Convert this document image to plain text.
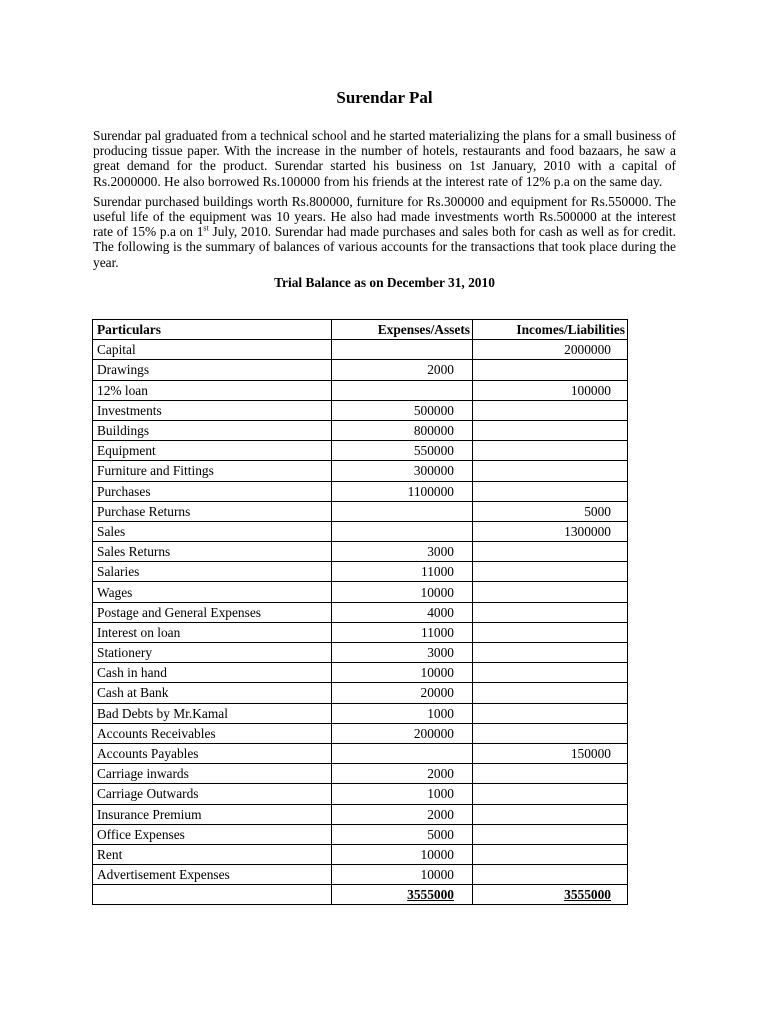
Surendar Pal

Surendar pal graduated from a technical school and he started materializing the plans for a small business of producing tissue paper. With the increase in the number of hotels, restaurants and food bazaars, he saw a great demand for the product. Surendar started his business on 1st January, 2010 with a capital of Rs.2000000. He also borrowed Rs.100000 from his friends at the interest rate of 12% p.a on the same day.

Surendar purchased buildings worth Rs.800000, furniture for Rs.300000 and equipment for Rs.550000. The useful life of the equipment was 10 years. He also had made investments worth Rs.500000 at the interest rate of 15% p.a on 1st July, 2010. Surendar had made purchases and sales both for cash as well as for credit. The following is the summary of balances of various accounts for the transactions that took place during the year.

Trial Balance as on December 31, 2010
Particulars	Expenses/Assets	Incomes/Liabilities
Capital		2000000
Drawings	2000	
12% loan		100000
Investments	500000	
Buildings	800000	
Equipment	550000	
Furniture and Fittings	300000	
Purchases	1100000	
Purchase Returns		5000
Sales		1300000
Sales Returns	3000	
Salaries	11000	
Wages	10000	
Postage and General Expenses	4000	
Interest on loan	11000	
Stationery	3000	
Cash in hand	10000	
Cash at Bank	20000	
Bad Debts by Mr.Kamal	1000	
Accounts Receivables	200000	
Accounts Payables		150000
Carriage inwards	2000	
Carriage Outwards	1000	
Insurance Premium	2000	
Office Expenses	5000	
Rent	10000	
Advertisement Expenses	10000	
	3555000	3555000
